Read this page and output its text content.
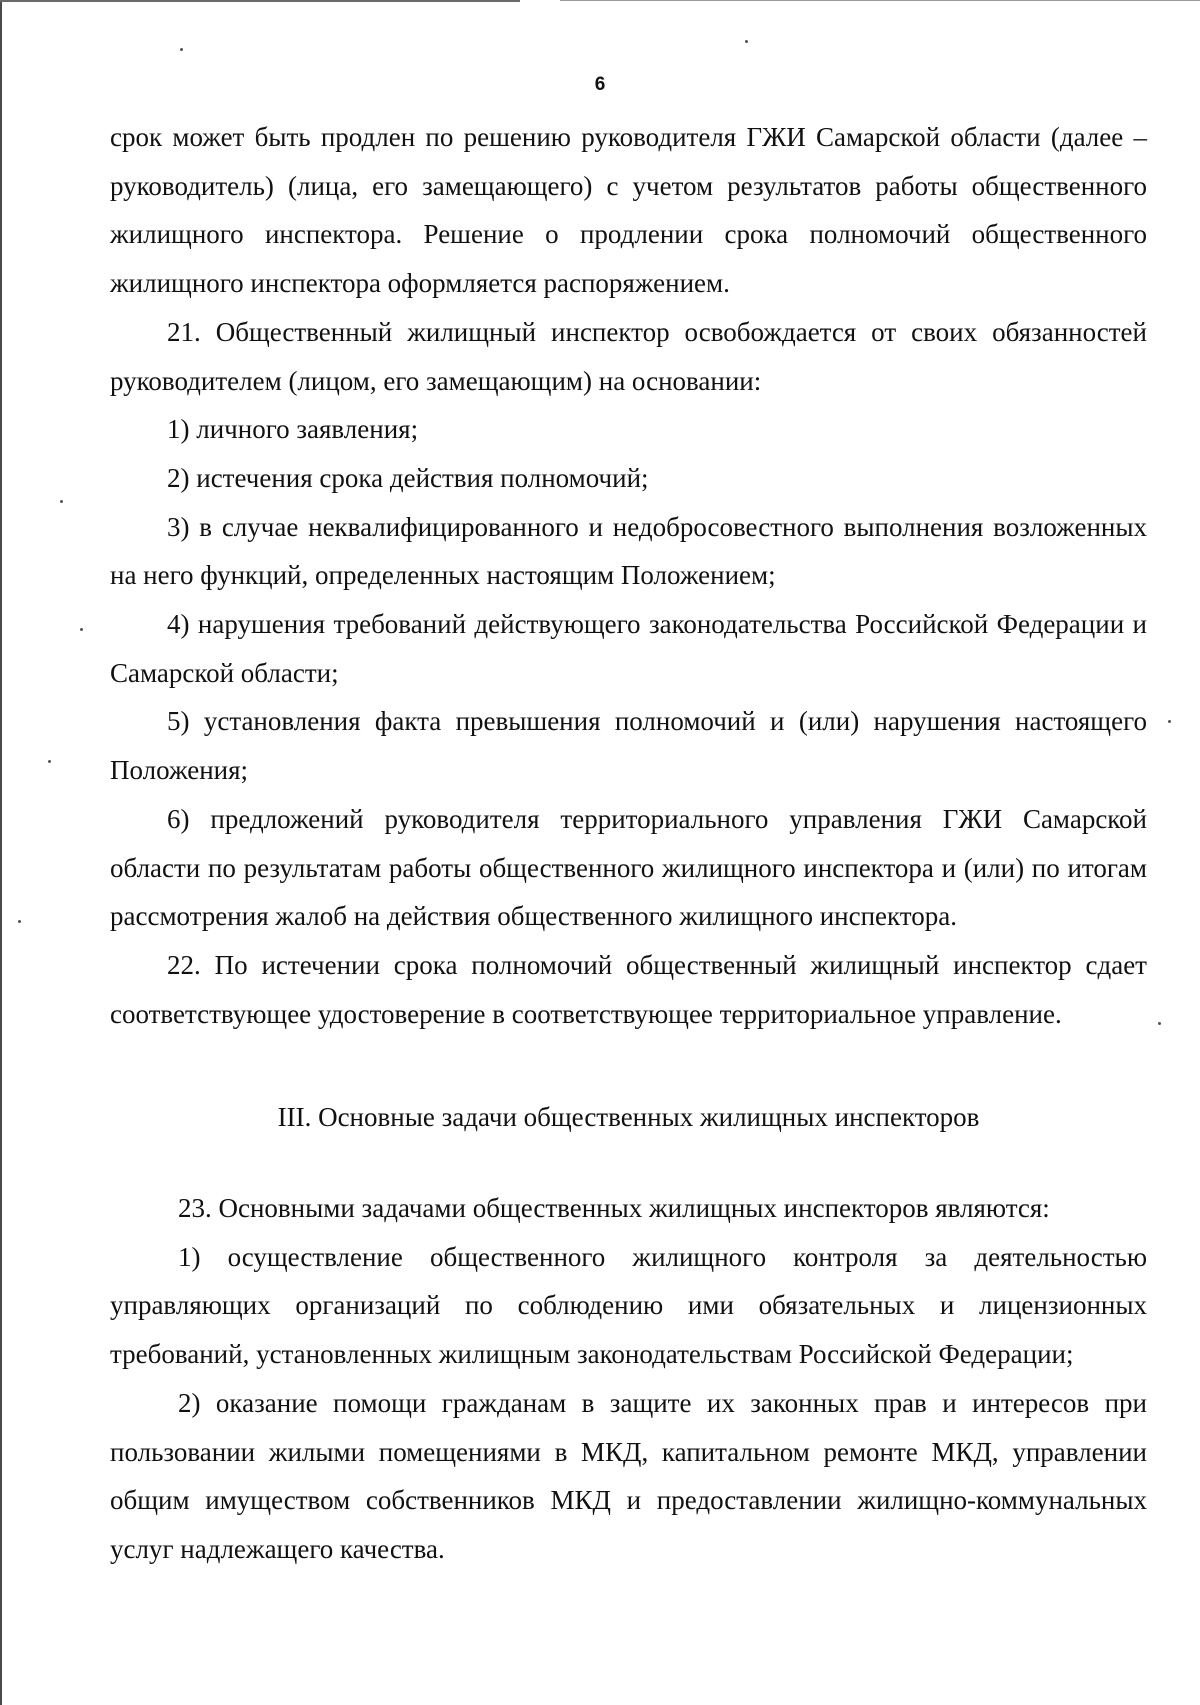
6

срок может быть продлен по решению руководителя ГЖИ Самарской области (далее – руководитель) (лица, его замещающего) с учетом результатов работы общественного жилищного инспектора. Решение о продлении срока полномочий общественного жилищного инспектора оформляется распоряжением.

21. Общественный жилищный инспектор освобождается от своих обязанностей руководителем (лицом, его замещающим) на основании:

1) личного заявления;

2) истечения срока действия полномочий;

3) в случае неквалифицированного и недобросовестного выполнения возложенных на него функций, определенных настоящим Положением;

4) нарушения требований действующего законодательства Российской Федерации и Самарской области;

5) установления факта превышения полномочий и (или) нарушения настоящего Положения;

6) предложений руководителя территориального управления ГЖИ Самарской области по результатам работы общественного жилищного инспектора и (или) по итогам рассмотрения жалоб на действия общественного жилищного инспектора.

22. По истечении срока полномочий общественный жилищный инспектор сдает соответствующее удостоверение в соответствующее территориальное управление.

III. Основные задачи общественных жилищных инспекторов

23. Основными задачами общественных жилищных инспекторов являются:

1) осуществление общественного жилищного контроля за деятельностью управляющих организаций по соблюдению ими обязательных и лицензионных требований, установленных жилищным законодательствам Российской Федерации;

2) оказание помощи гражданам в защите их законных прав и интересов при пользовании жилыми помещениями в МКД, капитальном ремонте МКД, управлении общим имуществом собственников МКД и предоставлении жилищно-коммунальных услуг надлежащего качества.
